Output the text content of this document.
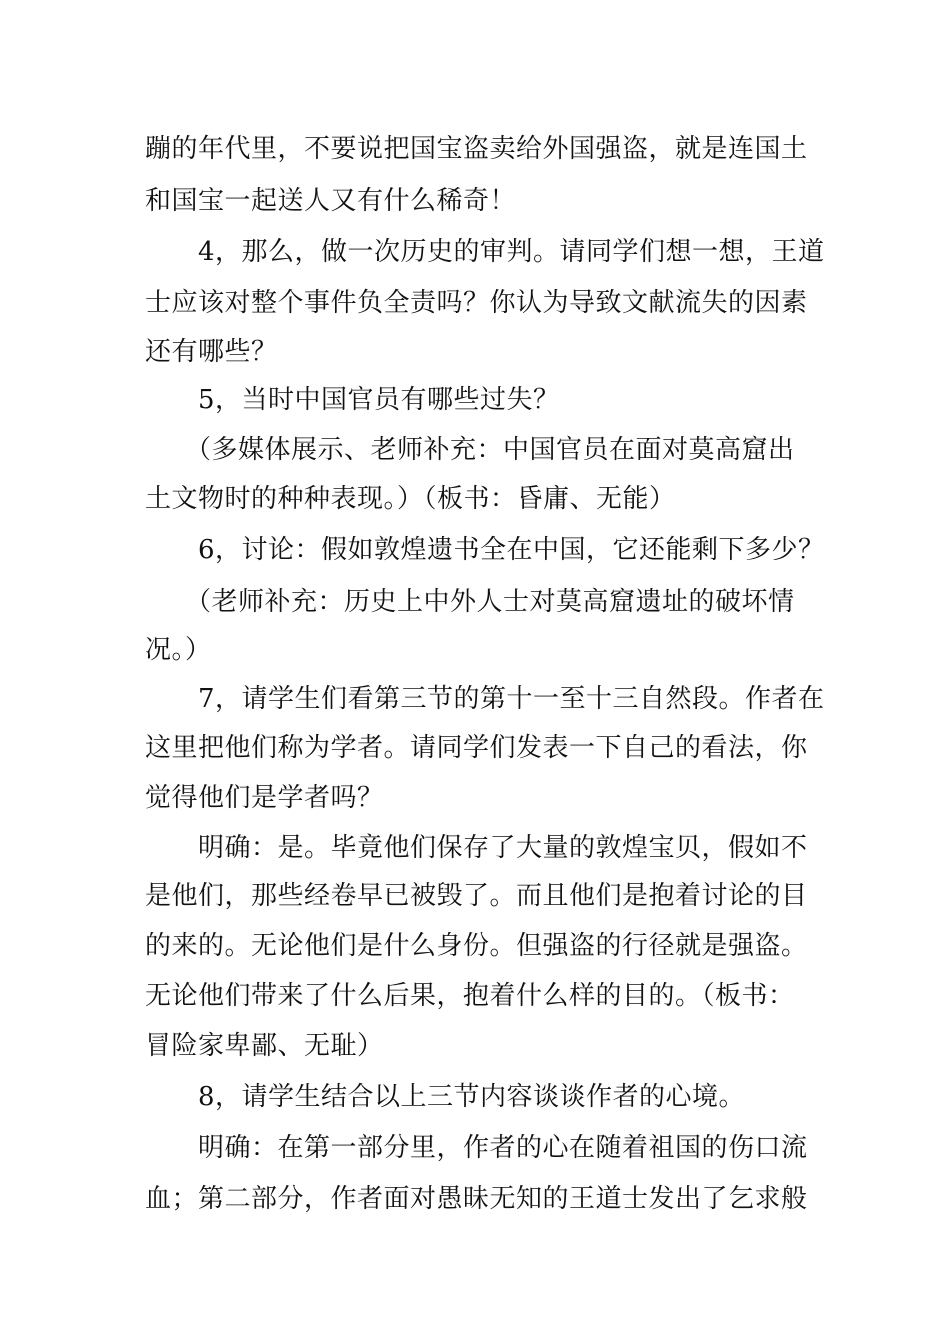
蹦的年代里，不要说把国宝盗卖给外国强盗，就是连国土
和国宝一起送人又有什么稀奇！
　　4，那么，做一次历史的审判。请同学们想一想，王道
士应该对整个事件负全责吗？你认为导致文献流失的因素
还有哪些？
　　5，当时中国官员有哪些过失？
　　（多媒体展示、老师补充：中国官员在面对莫高窟出
土文物时的种种表现。）（板书：昏庸、无能）
　　6，讨论：假如敦煌遗书全在中国，它还能剩下多少？
　　（老师补充：历史上中外人士对莫高窟遗址的破坏情
况。）
　　7，请学生们看第三节的第十一至十三自然段。作者在
这里把他们称为学者。请同学们发表一下自己的看法，你
觉得他们是学者吗？
　　明确：是。毕竟他们保存了大量的敦煌宝贝，假如不
是他们，那些经卷早已被毁了。而且他们是抱着讨论的目
的来的。无论他们是什么身份。但强盗的行径就是强盗。
无论他们带来了什么后果，抱着什么样的目的。（板书：
冒险家卑鄙、无耻）
　　8，请学生结合以上三节内容谈谈作者的心境。
　　明确：在第一部分里，作者的心在随着祖国的伤口流
血；第二部分，作者面对愚昧无知的王道士发出了乞求般
